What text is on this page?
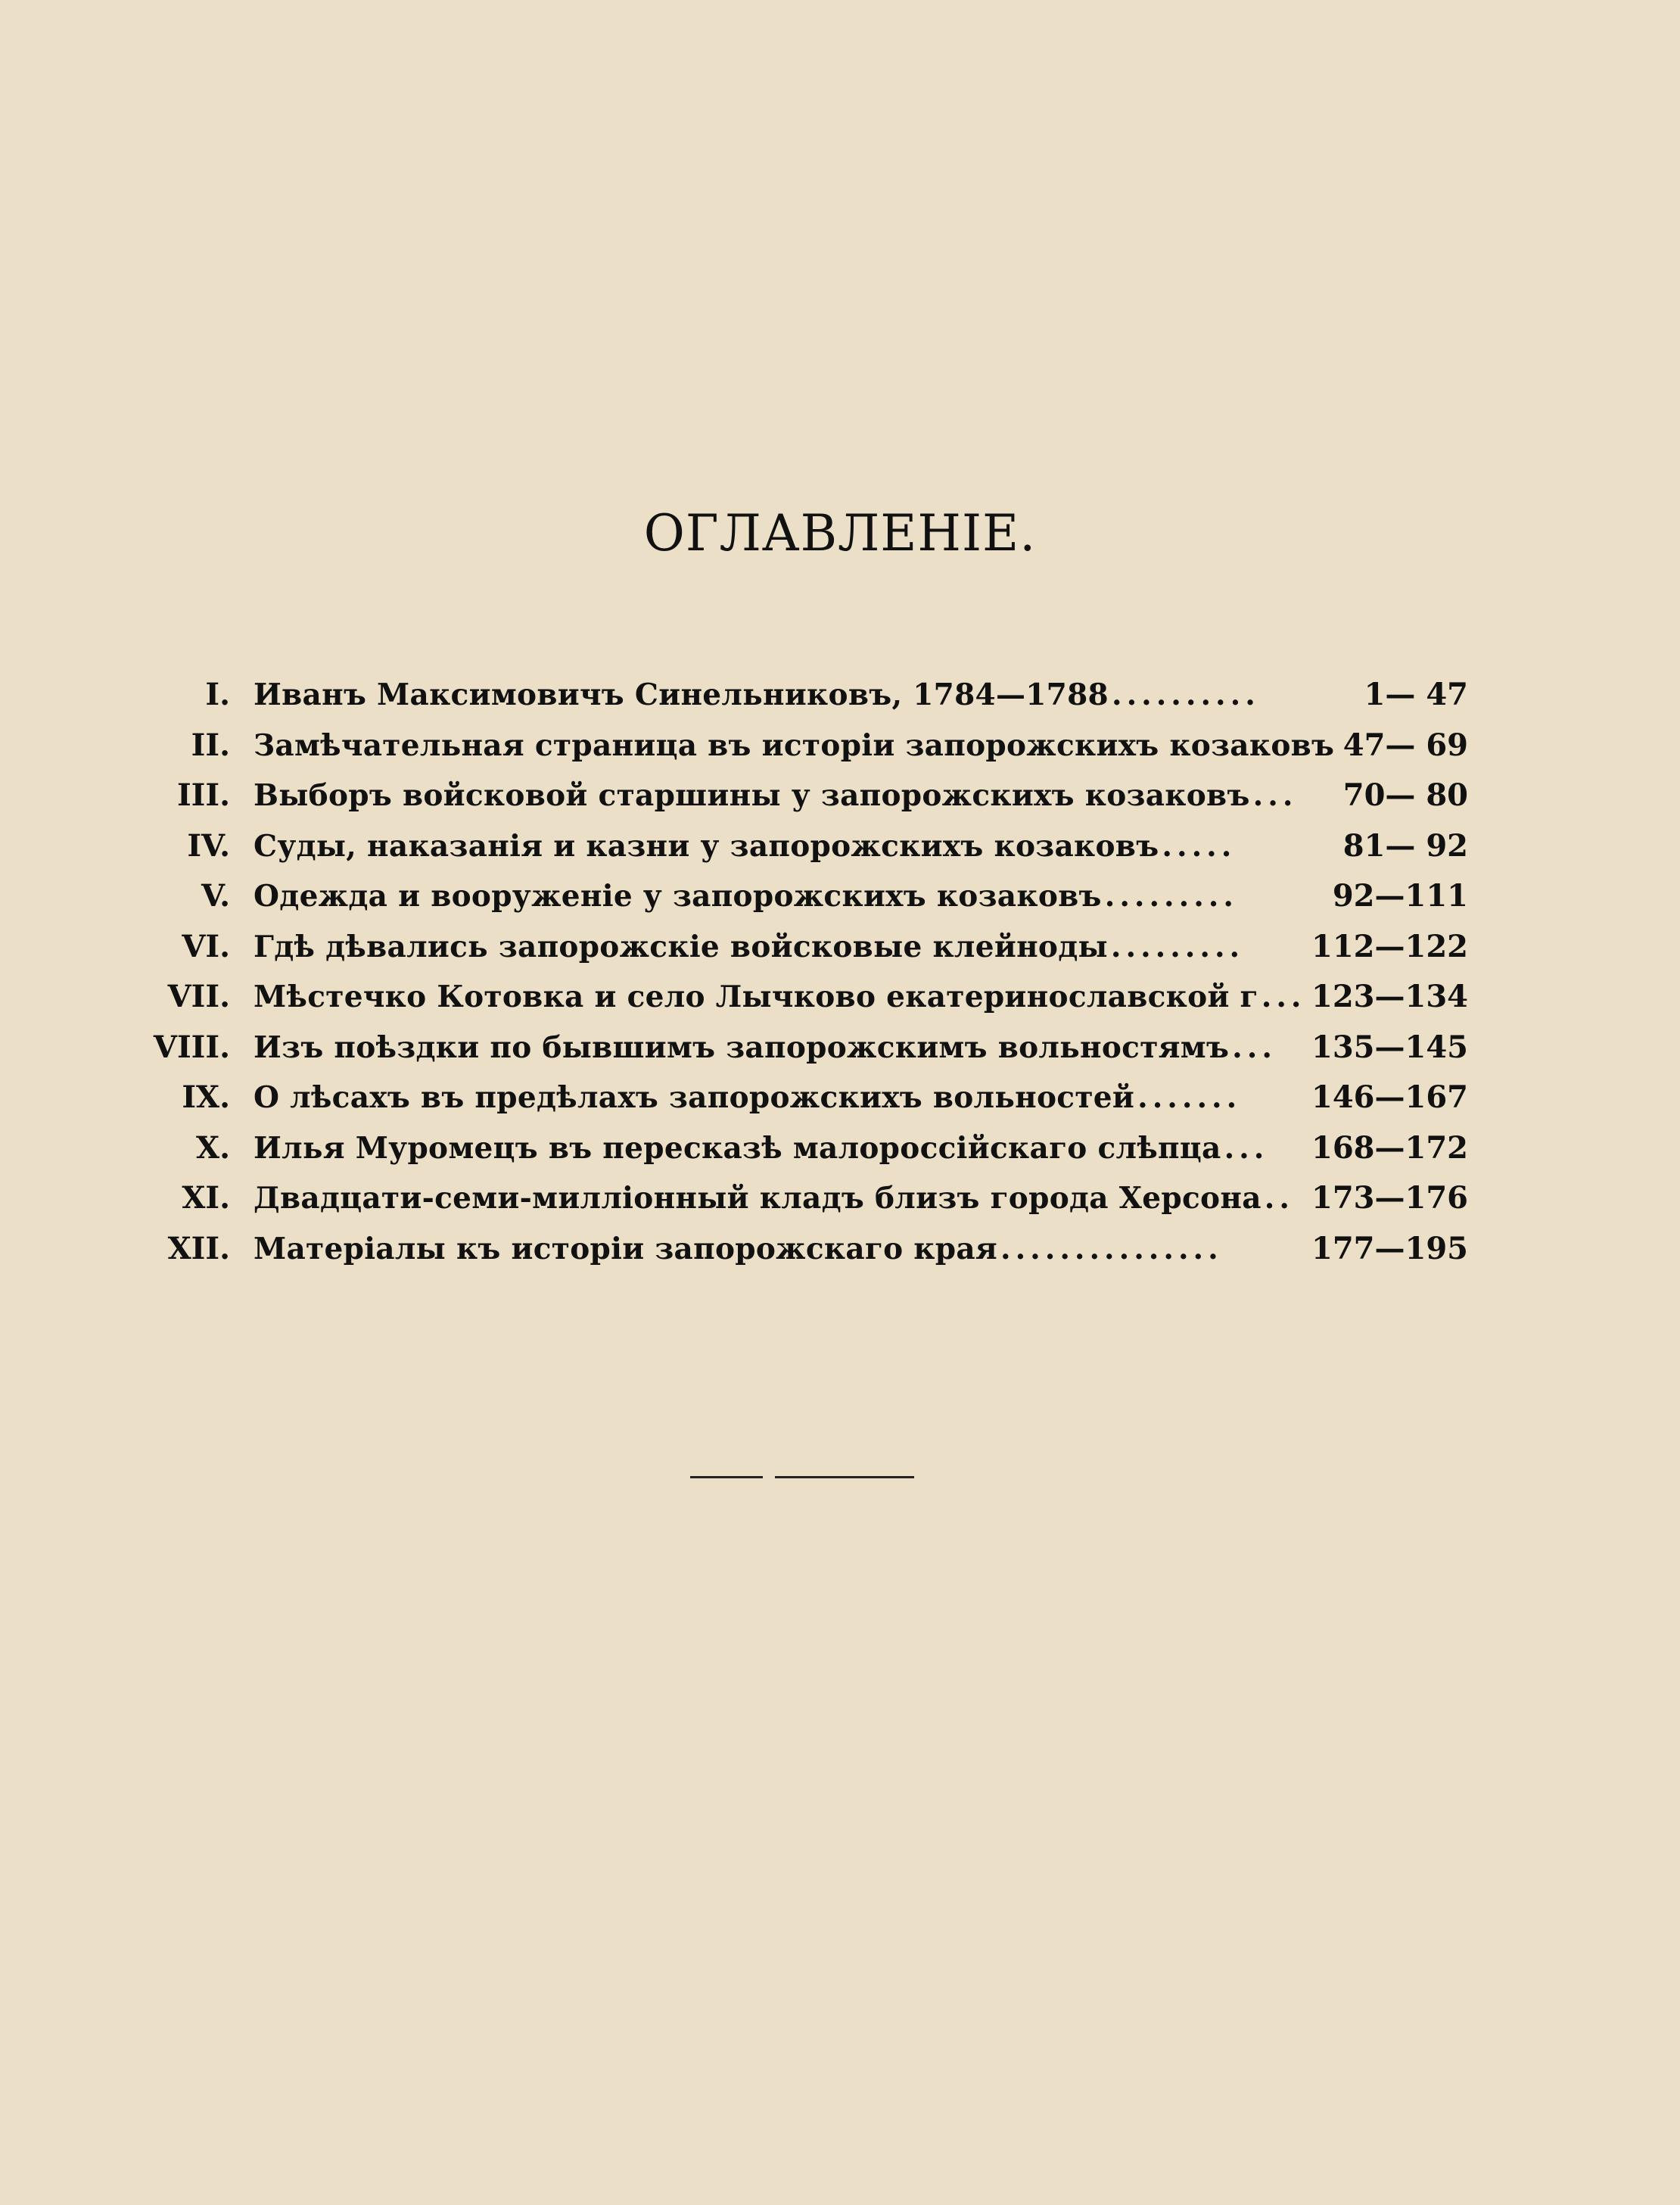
ОГЛАВЛЕНIЕ.
I. Иванъ Максимовичъ Синельниковъ, 1784—1788 ..........	1— 47
II. Замѣчательная страница въ исторiи запорожскихъ козаковъ 47— 69
III. Выборъ войсковой старшины у запорожскихъ козаковъ ...	70— 80
IV. Суды, наказанiя и казни у запорожскихъ козаковъ .....	81— 92
V. Одежда и вооруженiе у запорожскихъ козаковъ .........	92—111
VI. Гдѣ дѣвались запорожскiе войсковые клейноды .........	112—122
VII. Мѣстечко Котовка и село Лычково екатеринославской г ... 123—134
VIII. Изъ поѣздки по бывшимъ запорожскимъ вольностямъ ...	135—145
IX. О лѣсахъ въ предѣлахъ запорожскихъ вольностей .......	146—167
X. Илья Муромецъ въ пересказѣ малороссiйскаго слѣпца ...	168—172
XI. Двадцати-семи-миллiонный кладъ близъ города Херсона .. 173—176
XII. Матерiалы къ исторiи запорожскаго края ...............	177—195
